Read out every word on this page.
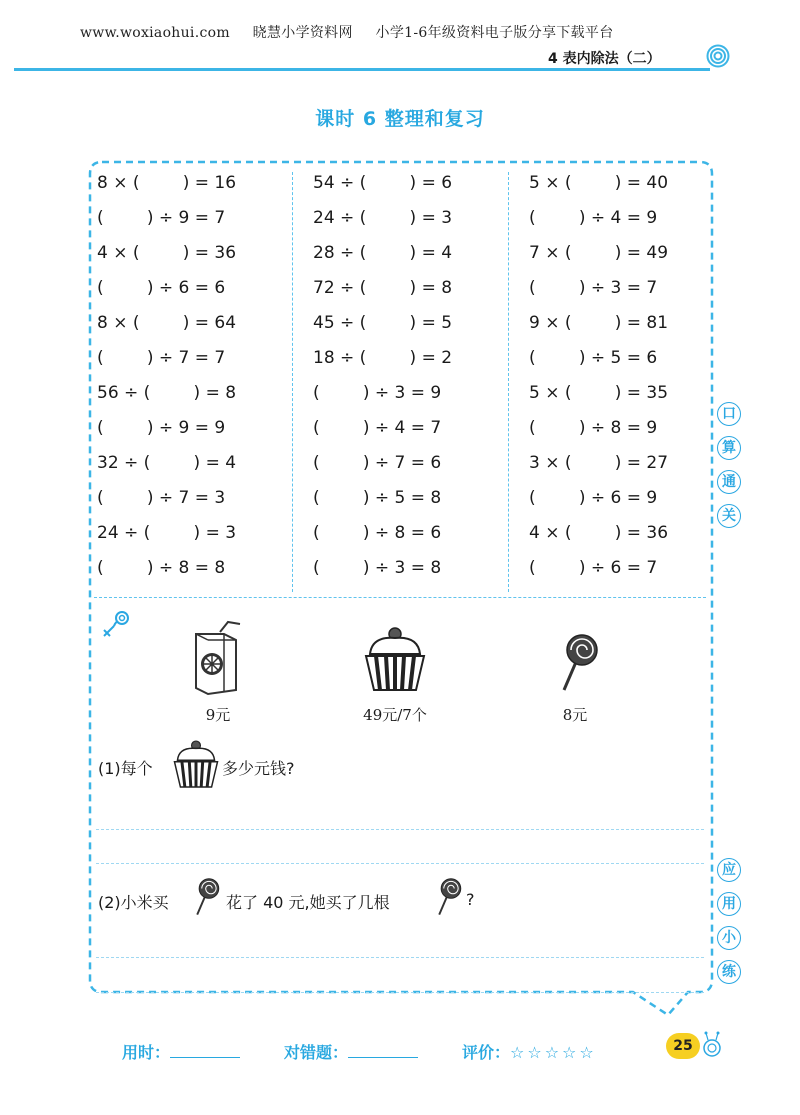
www.woxiaohui.com 晓慧小学资料网 小学1-6年级资料电子版分享下载平台
4 表内除法（二）
课时 6 整理和复习
8 × (        ) = 16
(        ) ÷ 9 = 7
4 × (        ) = 36
(        ) ÷ 6 = 6
8 × (        ) = 64
(        ) ÷ 7 = 7
56 ÷ (        ) = 8
(        ) ÷ 9 = 9
32 ÷ (        ) = 4
(        ) ÷ 7 = 3
24 ÷ (        ) = 3
(        ) ÷ 8 = 8
54 ÷ (        ) = 6
24 ÷ (        ) = 3
28 ÷ (        ) = 4
72 ÷ (        ) = 8
45 ÷ (        ) = 5
18 ÷ (        ) = 2
(        ) ÷ 3 = 9
(        ) ÷ 4 = 7
(        ) ÷ 7 = 6
(        ) ÷ 5 = 8
(        ) ÷ 8 = 6
(        ) ÷ 3 = 8
5 × (        ) = 40
(        ) ÷ 4 = 9
7 × (        ) = 49
(        ) ÷ 3 = 7
9 × (        ) = 81
(        ) ÷ 5 = 6
5 × (        ) = 35
(        ) ÷ 8 = 9
3 × (        ) = 27
(        ) ÷ 6 = 9
4 × (        ) = 36
(        ) ÷ 6 = 7
口
算
通
关
9元	49元/7个	8元
(1)每个	多少元钱?
(2)小米买	花了 40 元,她买了几根	?
应
用
小
练
用时：	对错题：	评价：☆☆☆☆☆	25
